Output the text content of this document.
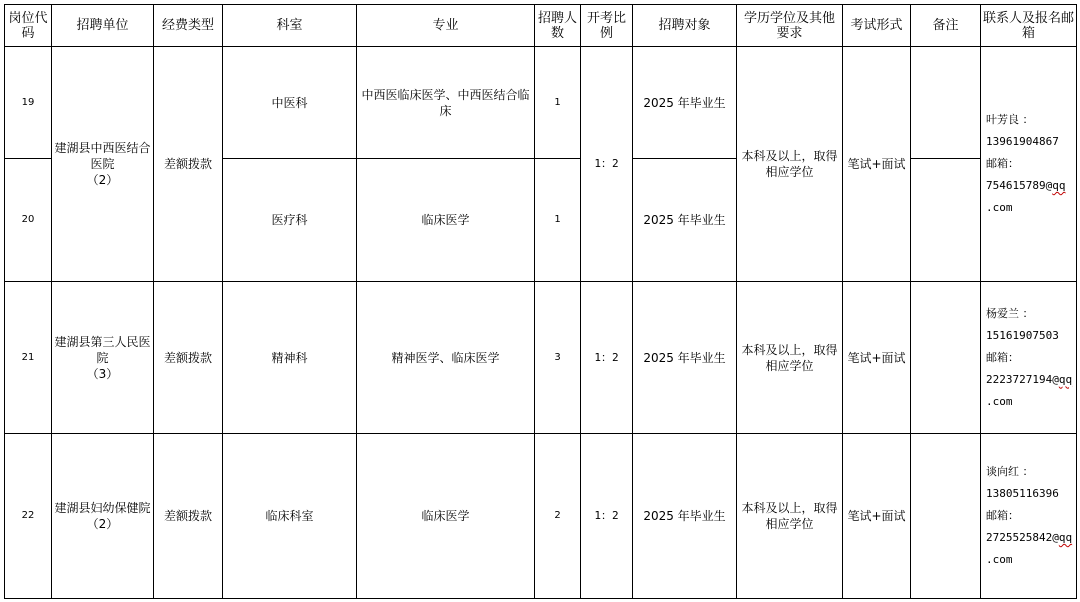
岗位代码	招聘单位	经费类型	科室	专业	招聘人数	开考比例	招聘对象	学历学位及其他要求	考试形式	备注	联系人及报名邮箱
19	建湖县中西医结合医院
（2）	差额拨款	中医科	中西医临床医学、中西医结合临床	1	1：2	2025 年毕业生	本科及以上，取得相应学位	笔试+面试		叶芳良 ：
13961904867
邮箱：
754615789@qq
.com

20			医疗科	临床医学	1		2025 年毕业生				
21	建湖县第三人民医院
（3）	差额拨款	精神科	精神医学、临床医学	3	1：2	2025 年毕业生	本科及以上，取得相应学位	笔试+面试		杨爱兰 ：
15161907503
邮箱：
2223727194@qq
.com

22	建湖县妇幼保健院
（2）	差额拨款	临床科室	临床医学	2	1：2	2025 年毕业生	本科及以上，取得相应学位	笔试+面试		谈向红 ：
13805116396
邮箱：
2725525842@qq
.com
